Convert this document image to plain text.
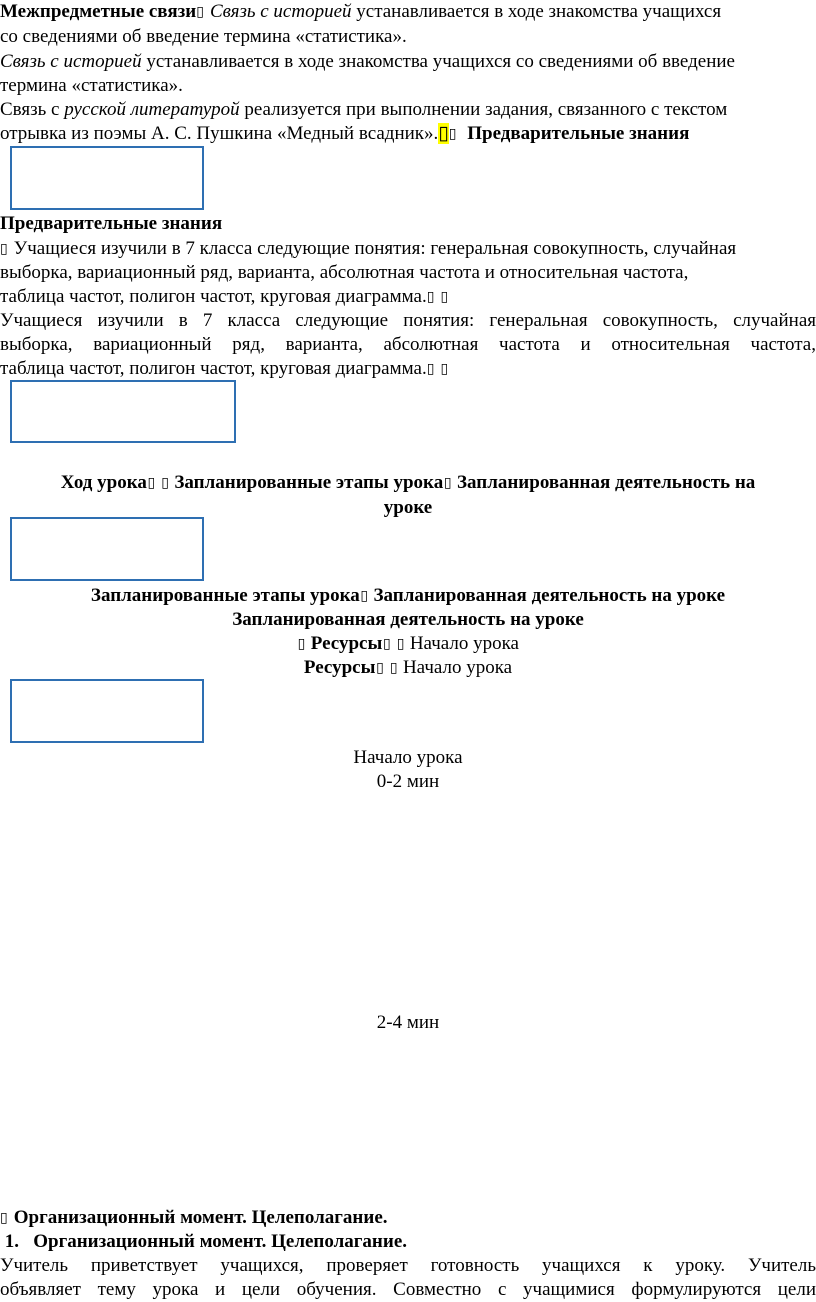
Межпредметные связи▯ Связь с историей устанавливается в ходе знакомства учащихся
со сведениями об введение термина «статистика».
Связь с историей устанавливается в ходе знакомства учащихся со сведениями об введение
термина «статистика».
Связь с русской литературой реализуется при выполнении задания, связанного с текстом
отрывка из поэмы А. С. Пушкина «Медный всадник».▯▯ Предварительные знания
Предварительные знания
▯ Учащиеся изучили в 7 класса следующие понятия: генеральная совокупность, случайная
выборка, вариационный ряд, варианта, абсолютная частота и относительная частота,
таблица частот, полигон частот, круговая диаграмма.▯ ▯
Учащиеся изучили в 7 класса следующие понятия: генеральная совокупность, случайная
выборка, вариационный ряд, варианта, абсолютная частота и относительная частота,
таблица частот, полигон частот, круговая диаграмма.▯ ▯
Ход урока▯ ▯ Запланированные этапы урока▯ Запланированная деятельность на
уроке
Запланированные этапы урока▯ Запланированная деятельность на уроке
Запланированная деятельность на уроке
▯ Ресурсы▯ ▯ Начало урока
Ресурсы▯ ▯ Начало урока
Начало урока
0-2 мин
2-4 мин
▯ Организационный момент. Целеполагание.
1. Организационный момент. Целеполагание.
Учитель приветствует учащихся, проверяет готовность учащихся к уроку. Учитель
объявляет тему урока и цели обучения. Совместно с учащимися формулируются цели
